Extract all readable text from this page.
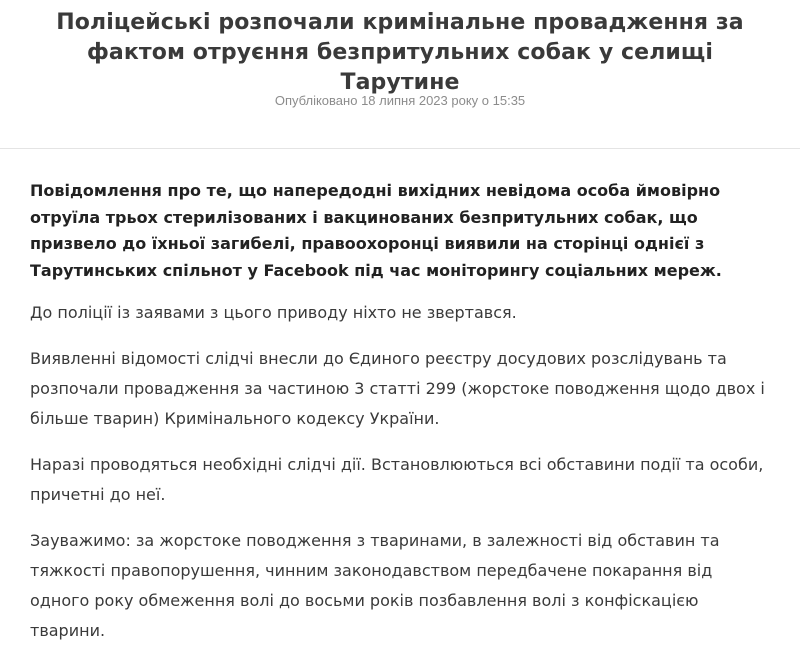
Поліцейські розпочали кримінальне провадження за фактом отруєння безпритульних собак у селищі Тарутине
Опубліковано 18 липня 2023 року о 15:35

Повідомлення про те, що напередодні вихідних невідома особа ймовірно отруїла трьох стерилізованих і вакцинованих безпритульних собак, що призвело до їхньої загибелі, правоохоронці виявили на сторінці однієї з Тарутинських спільнот у Facebook під час моніторингу соціальних мереж.

До поліції із заявами з цього приводу ніхто не звертався.

Виявленні відомості слідчі внесли до Єдиного реєстру досудових розслідувань та розпочали провадження за частиною 3 статті 299 (жорстоке поводження щодо двох і більше тварин) Кримінального кодексу України.

Наразі проводяться необхідні слідчі дії. Встановлюються всі обставини події та особи, причетні до неї.

Зауважимо: за жорстоке поводження з тваринами, в залежності від обставин та тяжкості правопорушення, чинним законодавством передбачене покарання від одного року обмеження волі до восьми років позбавлення волі з конфіскацією тварини.
